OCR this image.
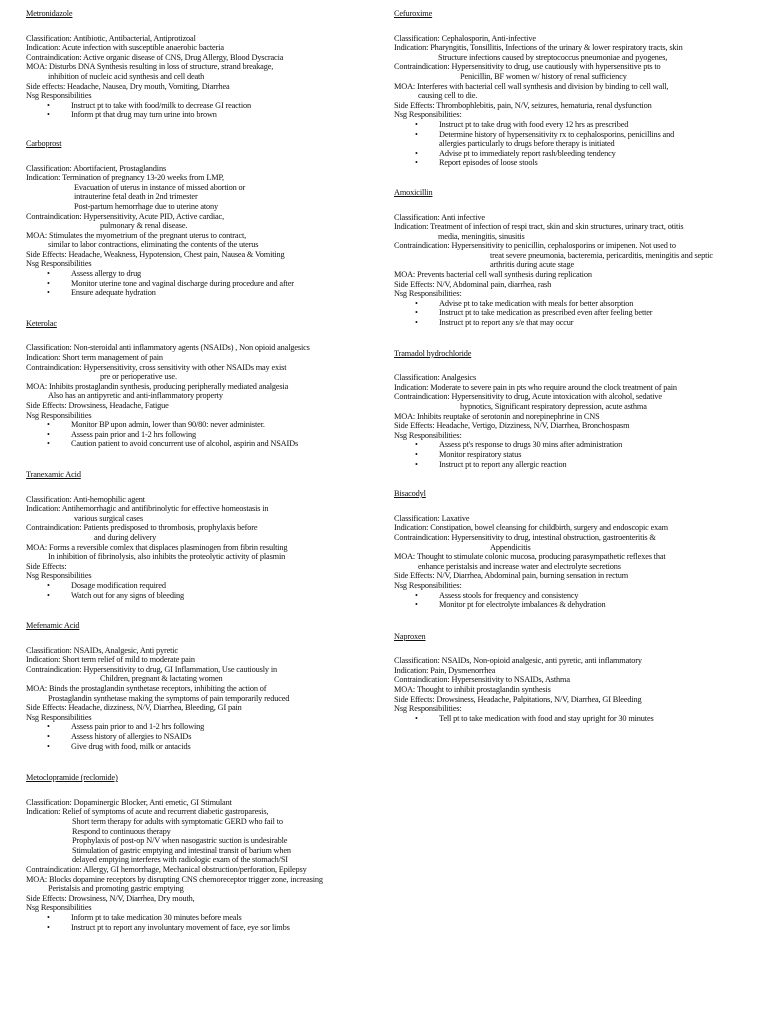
Metronidazole
Classification: Antibiotic, Antibacterial, Antiprotizoal
Indication: Acute infection with susceptible anaerobic bacteria
Contraindication: Active organic disease of CNS, Drug Allergy, Blood Dyscracia
MOA: Disturbs DNA Synthesis resulting in loss of structure, strand breakage,
inhibition of nucleic acid synthesis and cell death
Side effects: Headache, Nausea, Dry mouth, Vomiting, Diarrhea
Nsg Responsibilities
• Instruct pt to take with food/milk to decrease GI reaction
• Inform pt that drug may turn urine into brown
Carboprost
Classification: Abortifacient, Prostaglandins
Indication: Termination of pregnancy 13-20 weeks from LMP,
Evacuation of uterus in instance of missed abortion or
intrauterine fetal death in 2nd trimester
Post-partum hemorrhage due to uterine atony
Contraindication: Hypersensitivity, Acute PID, Active cardiac,
pulmonary & renal disease.
MOA: Stimulates the myometrium of the pregnant uterus to contract,
similar to labor contractions, eliminating the contents of the uterus
Side Effects: Headache, Weakness, Hypotension, Chest pain, Nausea & Vomiting
Nsg Responsibilities
• Assess allergy to drug
• Monitor uterine tone and vaginal discharge during procedure and after
• Ensure adequate hydration
Keterolac
Classification: Non-steroidal anti inflammatory agents (NSAIDs) , Non opioid analgesics
Indication: Short term management of pain
Contraindication: Hypersensitivity, cross sensitivity with other NSAIDs may exist
pre or perioperative use.
MOA: Inhibits prostaglandin synthesis, producing peripherally mediated analgesia
Also has an antipyretic and anti-inflammatory property
Side Effects: Drowsiness, Headache, Fatigue
Nsg Responsibilities
• Monitor BP upon admin, lower than 90/80: never administer.
• Assess pain prior and 1-2 hrs following
• Caution patient to avoid concurrent use of alcohol, aspirin and NSAIDs
Tranexamic Acid
Classification: Anti-hemophilic agent
Indication: Antihemorrhagic and antifibrinolytic for effective homeostasis in
various surgical cases
Contraindication: Patients predisposed to thrombosis, prophylaxis before
and during delivery
MOA: Forms a reversible comlex that displaces plasminogen from fibrin resulting
In inhibition of fibrinolysis, also inhibits the proteolytic activity of plasmin
Side Effects:
Nsg Responsibilities
• Dosage modification required
• Watch out for any signs of bleeding
Mefenamic Acid
Classification: NSAIDs, Analgesic, Anti pyretic
Indication: Short term relief of mild to moderate pain
Contraindication: Hypersensitivity to drug, GI Inflammation, Use cautiously in
Children, pregnant & lactating women
MOA: Binds the prostaglandin synthetase receptors, inhibiting the action of
Prostaglandin synthetase making the symptoms of pain temporarily reduced
Side Effects: Headache, dizziness, N/V, Diarrhea, Bleeding, GI pain
Nsg Responsibilities
• Assess pain prior to and 1-2 hrs following
• Assess history of allergies to NSAIDs
• Give drug with food, milk or antacids
Metoclopramide (reclomide)
Classification: Dopaminergic Blocker, Anti emetic, GI Stimulant
Indication: Relief of symptoms of acute and recurrent diabetic gastroparesis,
Short term therapy for adults with symptomatic GERD who fail to
Respond to continuous therapy
Prophylaxis of post-op N/V when nasogastric suction is undesirable
Stimulation of gastric emptying and intestinal transit of barium when
delayed emptying interferes with radiologic exam of the stomach/SI
Contraindication: Allergy, GI hemorrhage, Mechanical obstruction/perforation, Epilepsy
MOA: Blocks dopamine receptors by disrupting CNS chemoreceptor trigger zone, increasing
Peristalsis and promoting gastric emptying
Side Effects: Drowsiness, N/V, Diarrhea, Dry mouth,
Nsg Responsibilities
• Inform pt to take medication 30 minutes before meals
• Instruct pt to report any involuntary movement of face, eye sor limbs
Cefuroxime
Classification: Cephalosporin, Anti-infective
Indication: Pharyngitis, Tonsillitis, Infections of the urinary & lower respiratory tracts, skin
Structure infections caused by streptococcus pneumoniae and pyogenes,
Contraindication: Hypersensitivity to drug, use cautiously with hypersensitive pts to
Penicillin, BF women w/ history of renal sufficiency
MOA: Interferes with bacterial cell wall synthesis and division by binding to cell wall,
causing cell to die.
Side Effects: Thrombophlebitis, pain, N/V, seizures, hematuria, renal dysfunction
Nsg Responsibilities:
• Instruct pt to take drug with food every 12 hrs as prescribed
• Determine history of hypersensitivity rx to cephalosporins, penicillins and
allergies particularly to drugs before therapy is initiated
• Advise pt to immediately report rash/bleeding tendency
• Report episodes of loose stools
Amoxicillin
Classification: Anti infective
Indication: Treatment of infection of respi tract, skin and skin structures, urinary tract, otitis
media, meningitis, sinusitis
Contraindication: Hypersensitivity to penicillin, cephalosporins or imipenen. Not used to
treat severe pneumonia, bacteremia, pericarditis, meningitis and septic
arthritis during acute stage
MOA: Prevents bacterial cell wall synthesis during replication
Side Effects: N/V, Abdominal pain, diarrhea, rash
Nsg Responsibilities:
• Advise pt to take medication with meals for better absorption
• Instruct pt to take medication as prescribed even after feeling better
• Instruct pt to report any s/e that may occur
Tramadol hydrochloride
Classification: Analgesics
Indication: Moderate to severe pain in pts who require around the clock treatment of pain
Contraindication: Hypersensitivity to drug, Acute intoxication with alcohol, sedative
hypnotics, Significant respiratory depression, acute asthma
MOA: Inhibits reuptake of serotonin and norepinephrine in CNS
Side Effects: Headache, Vertigo, Dizziness, N/V, Diarrhea, Bronchospasm
Nsg Responsibilities:
• Assess pt's response to drugs 30 mins after administration
• Monitor respiratory status
• Instruct pt to report any allergic reaction
Bisacodyl
Classification: Laxative
Indication: Constipation, bowel cleansing for childbirth, surgery and endoscopic exam
Contraindication: Hypersensitivity to drug, intestinal obstruction, gastroenteritis &
Appendicitis
MOA: Thought to stimulate colonic mucosa, producing parasympathetic reflexes that
enhance peristalsis and increase water and electrolyte secretions
Side Effects: N/V, Diarrhea, Abdominal pain, burning sensation in rectum
Nsg Responsibilities:
• Assess stools for frequency and consistency
• Monitor pt for electrolyte imbalances & dehydration
Naproxen
Classification: NSAIDs, Non-opioid analgesic, anti pyretic, anti inflammatory
Indication: Pain, Dysmenorrhea
Contraindication: Hypersensitivity to NSAIDs, Asthma
MOA: Thought to inhibit prostaglandin synthesis
Side Effects: Drowsiness, Headache, Palpitations, N/V, Diarrhea, GI Bleeding
Nsg Responsibilities:
• Tell pt to take medication with food and stay upright for 30 minutes
